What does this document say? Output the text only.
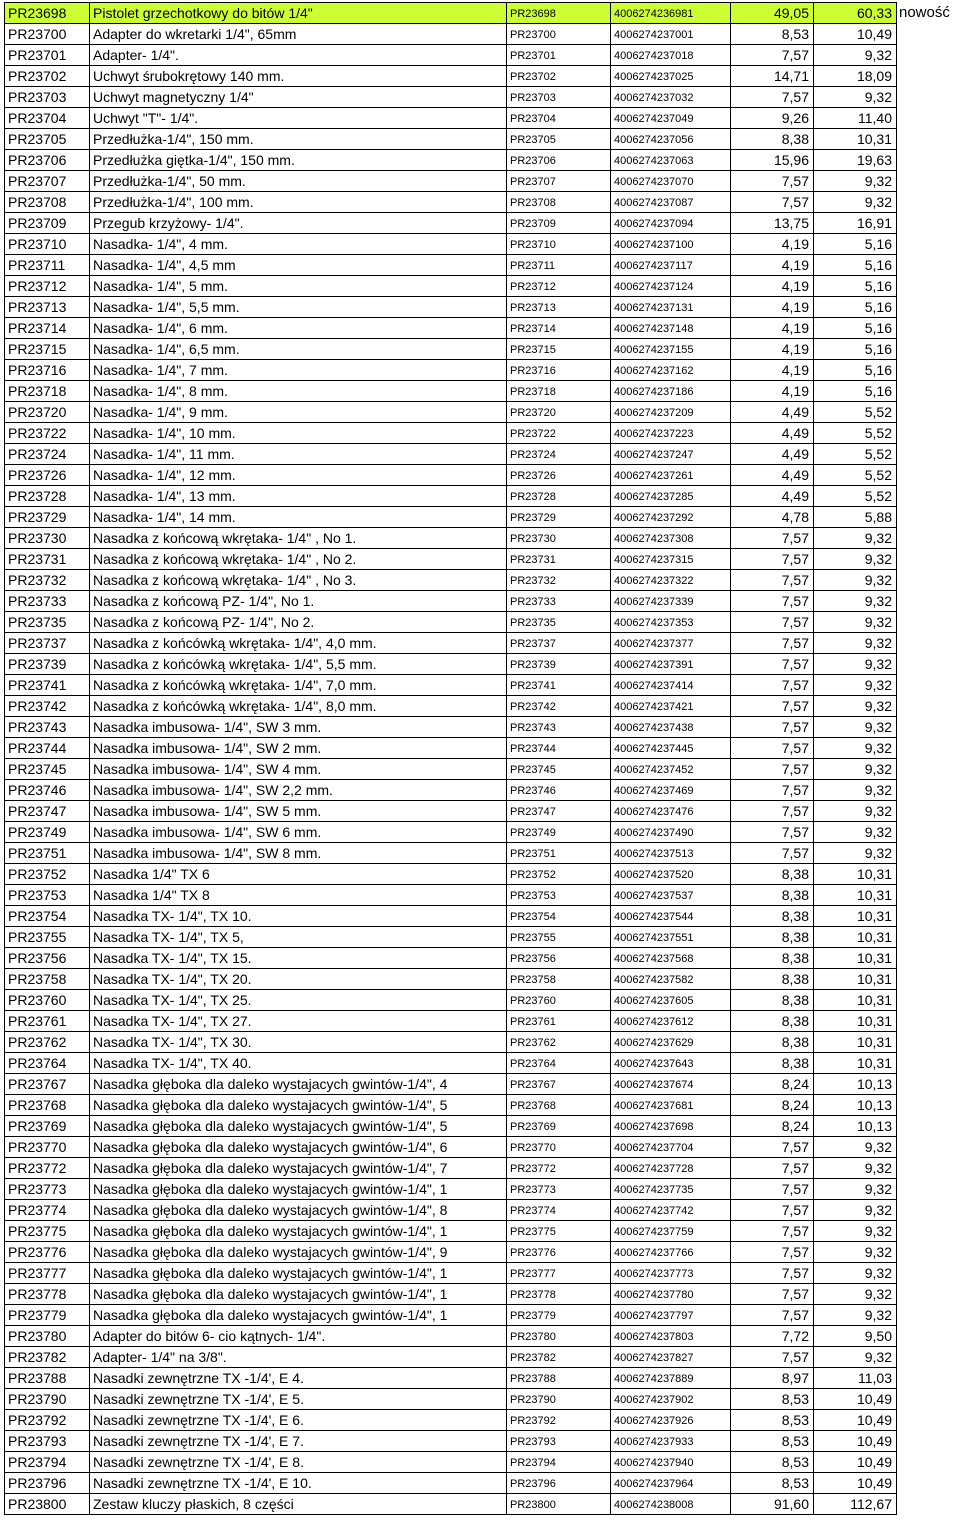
PR23698	Pistolet grzechotkowy do bitów 1/4"	PR23698	4006274236981	49,05	60,33
PR23700	Adapter do wkretarki 1/4", 65mm	PR23700	4006274237001	8,53	10,49
PR23701	Adapter- 1/4".	PR23701	4006274237018	7,57	9,32
PR23702	Uchwyt śrubokrętowy 140 mm.	PR23702	4006274237025	14,71	18,09
PR23703	Uchwyt magnetyczny 1/4"	PR23703	4006274237032	7,57	9,32
PR23704	Uchwyt "T"- 1/4".	PR23704	4006274237049	9,26	11,40
PR23705	Przedłużka-1/4", 150 mm.	PR23705	4006274237056	8,38	10,31
PR23706	Przedłużka giętka-1/4", 150 mm.	PR23706	4006274237063	15,96	19,63
PR23707	Przedłużka-1/4", 50 mm.	PR23707	4006274237070	7,57	9,32
PR23708	Przedłużka-1/4", 100 mm.	PR23708	4006274237087	7,57	9,32
PR23709	Przegub krzyżowy- 1/4".	PR23709	4006274237094	13,75	16,91
PR23710	Nasadka- 1/4", 4 mm.	PR23710	4006274237100	4,19	5,16
PR23711	Nasadka- 1/4", 4,5 mm	PR23711	4006274237117	4,19	5,16
PR23712	Nasadka- 1/4", 5 mm.	PR23712	4006274237124	4,19	5,16
PR23713	Nasadka- 1/4", 5,5 mm.	PR23713	4006274237131	4,19	5,16
PR23714	Nasadka- 1/4", 6 mm.	PR23714	4006274237148	4,19	5,16
PR23715	Nasadka- 1/4", 6,5 mm.	PR23715	4006274237155	4,19	5,16
PR23716	Nasadka- 1/4", 7 mm.	PR23716	4006274237162	4,19	5,16
PR23718	Nasadka- 1/4", 8 mm.	PR23718	4006274237186	4,19	5,16
PR23720	Nasadka- 1/4", 9 mm.	PR23720	4006274237209	4,49	5,52
PR23722	Nasadka- 1/4", 10 mm.	PR23722	4006274237223	4,49	5,52
PR23724	Nasadka- 1/4", 11 mm.	PR23724	4006274237247	4,49	5,52
PR23726	Nasadka- 1/4", 12 mm.	PR23726	4006274237261	4,49	5,52
PR23728	Nasadka- 1/4", 13 mm.	PR23728	4006274237285	4,49	5,52
PR23729	Nasadka- 1/4", 14 mm.	PR23729	4006274237292	4,78	5,88
PR23730	Nasadka z końcową wkrętaka- 1/4" , No 1.	PR23730	4006274237308	7,57	9,32
PR23731	Nasadka z końcową wkrętaka- 1/4" , No 2.	PR23731	4006274237315	7,57	9,32
PR23732	Nasadka z końcową wkrętaka- 1/4" , No 3.	PR23732	4006274237322	7,57	9,32
PR23733	Nasadka z końcową PZ- 1/4", No 1.	PR23733	4006274237339	7,57	9,32
PR23735	Nasadka z końcową PZ- 1/4", No 2.	PR23735	4006274237353	7,57	9,32
PR23737	Nasadka z końcówką wkrętaka- 1/4", 4,0 mm.	PR23737	4006274237377	7,57	9,32
PR23739	Nasadka z końcówką wkrętaka- 1/4", 5,5 mm.	PR23739	4006274237391	7,57	9,32
PR23741	Nasadka z końcówką wkrętaka- 1/4", 7,0 mm.	PR23741	4006274237414	7,57	9,32
PR23742	Nasadka z końcówką wkrętaka- 1/4", 8,0 mm.	PR23742	4006274237421	7,57	9,32
PR23743	Nasadka imbusowa- 1/4", SW 3 mm.	PR23743	4006274237438	7,57	9,32
PR23744	Nasadka imbusowa- 1/4", SW 2 mm.	PR23744	4006274237445	7,57	9,32
PR23745	Nasadka imbusowa- 1/4", SW 4 mm.	PR23745	4006274237452	7,57	9,32
PR23746	Nasadka imbusowa- 1/4", SW 2,2 mm.	PR23746	4006274237469	7,57	9,32
PR23747	Nasadka imbusowa- 1/4", SW 5 mm.	PR23747	4006274237476	7,57	9,32
PR23749	Nasadka imbusowa- 1/4", SW 6 mm.	PR23749	4006274237490	7,57	9,32
PR23751	Nasadka imbusowa- 1/4", SW 8 mm.	PR23751	4006274237513	7,57	9,32
PR23752	Nasadka 1/4" TX 6	PR23752	4006274237520	8,38	10,31
PR23753	Nasadka 1/4" TX 8	PR23753	4006274237537	8,38	10,31
PR23754	Nasadka TX- 1/4", TX 10.	PR23754	4006274237544	8,38	10,31
PR23755	Nasadka TX- 1/4", TX 5,	PR23755	4006274237551	8,38	10,31
PR23756	Nasadka TX- 1/4", TX 15.	PR23756	4006274237568	8,38	10,31
PR23758	Nasadka TX- 1/4", TX 20.	PR23758	4006274237582	8,38	10,31
PR23760	Nasadka TX- 1/4", TX 25.	PR23760	4006274237605	8,38	10,31
PR23761	Nasadka TX- 1/4", TX 27.	PR23761	4006274237612	8,38	10,31
PR23762	Nasadka TX- 1/4", TX 30.	PR23762	4006274237629	8,38	10,31
PR23764	Nasadka TX- 1/4", TX 40.	PR23764	4006274237643	8,38	10,31
PR23767	Nasadka głęboka dla daleko wystajacych gwintów-1/4", 4	PR23767	4006274237674	8,24	10,13
PR23768	Nasadka głęboka dla daleko wystajacych gwintów-1/4", 5	PR23768	4006274237681	8,24	10,13
PR23769	Nasadka głęboka dla daleko wystajacych gwintów-1/4", 5	PR23769	4006274237698	8,24	10,13
PR23770	Nasadka głęboka dla daleko wystajacych gwintów-1/4", 6	PR23770	4006274237704	7,57	9,32
PR23772	Nasadka głęboka dla daleko wystajacych gwintów-1/4", 7	PR23772	4006274237728	7,57	9,32
PR23773	Nasadka głęboka dla daleko wystajacych gwintów-1/4", 1	PR23773	4006274237735	7,57	9,32
PR23774	Nasadka głęboka dla daleko wystajacych gwintów-1/4", 8	PR23774	4006274237742	7,57	9,32
PR23775	Nasadka głęboka dla daleko wystajacych gwintów-1/4", 1	PR23775	4006274237759	7,57	9,32
PR23776	Nasadka głęboka dla daleko wystajacych gwintów-1/4", 9	PR23776	4006274237766	7,57	9,32
PR23777	Nasadka głęboka dla daleko wystajacych gwintów-1/4", 1	PR23777	4006274237773	7,57	9,32
PR23778	Nasadka głęboka dla daleko wystajacych gwintów-1/4", 1	PR23778	4006274237780	7,57	9,32
PR23779	Nasadka głęboka dla daleko wystajacych gwintów-1/4", 1	PR23779	4006274237797	7,57	9,32
PR23780	Adapter do bitów 6- cio kątnych- 1/4".	PR23780	4006274237803	7,72	9,50
PR23782	Adapter- 1/4" na 3/8".	PR23782	4006274237827	7,57	9,32
PR23788	Nasadki zewnętrzne TX -1/4', E 4.	PR23788	4006274237889	8,97	11,03
PR23790	Nasadki zewnętrzne TX -1/4', E 5.	PR23790	4006274237902	8,53	10,49
PR23792	Nasadki zewnętrzne TX -1/4', E 6.	PR23792	4006274237926	8,53	10,49
PR23793	Nasadki zewnętrzne TX -1/4', E 7.	PR23793	4006274237933	8,53	10,49
PR23794	Nasadki zewnętrzne TX -1/4', E 8.	PR23794	4006274237940	8,53	10,49
PR23796	Nasadki zewnętrzne TX -1/4', E 10.	PR23796	4006274237964	8,53	10,49
PR23800	Zestaw kluczy płaskich, 8 części	PR23800	4006274238008	91,60	112,67
nowość
